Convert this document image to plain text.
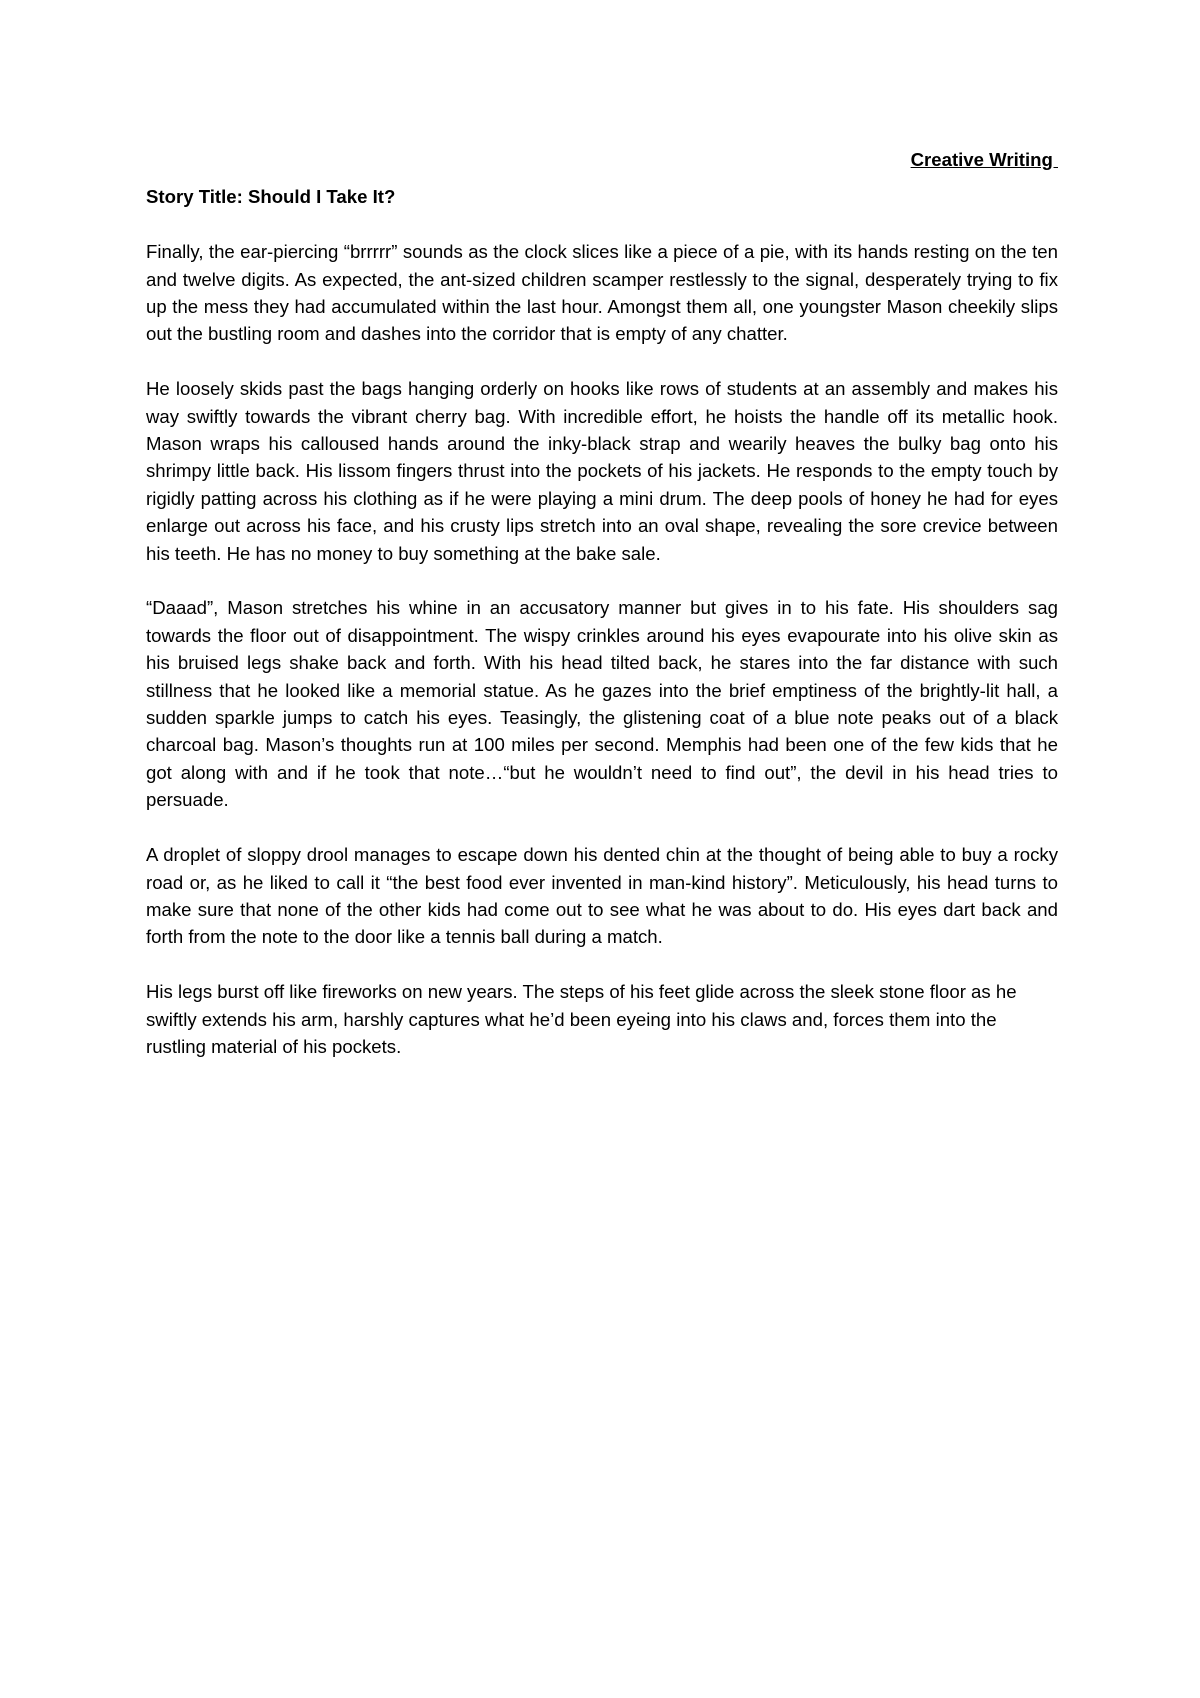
Creative Writing

Story Title: Should I Take It?

Finally, the ear-piercing “brrrrr” sounds as the clock slices like a piece of a pie, with its hands resting on the ten and twelve digits. As expected, the ant-sized children scamper restlessly to the signal, desperately trying to fix up the mess they had accumulated within the last hour. Amongst them all, one youngster Mason cheekily slips out the bustling room and dashes into the corridor that is empty of any chatter.

He loosely skids past the bags hanging orderly on hooks like rows of students at an assembly and makes his way swiftly towards the vibrant cherry bag. With incredible effort, he hoists the handle off its metallic hook. Mason wraps his calloused hands around the inky-black strap and wearily heaves the bulky bag onto his shrimpy little back. His lissom fingers thrust into the pockets of his jackets. He responds to the empty touch by rigidly patting across his clothing as if he were playing a mini drum. The deep pools of honey he had for eyes enlarge out across his face, and his crusty lips stretch into an oval shape, revealing the sore crevice between his teeth. He has no money to buy something at the bake sale.

“Daaad”, Mason stretches his whine in an accusatory manner but gives in to his fate. His shoulders sag towards the floor out of disappointment. The wispy crinkles around his eyes evapourate into his olive skin as his bruised legs shake back and forth. With his head tilted back, he stares into the far distance with such stillness that he looked like a memorial statue. As he gazes into the brief emptiness of the brightly-lit hall, a sudden sparkle jumps to catch his eyes. Teasingly, the glistening coat of a blue note peaks out of a black charcoal bag. Mason’s thoughts run at 100 miles per second. Memphis had been one of the few kids that he got along with and if he took that note…“but he wouldn’t need to find out”, the devil in his head tries to persuade.

A droplet of sloppy drool manages to escape down his dented chin at the thought of being able to buy a rocky road or, as he liked to call it “the best food ever invented in man-kind history”. Meticulously, his head turns to make sure that none of the other kids had come out to see what he was about to do. His eyes dart back and forth from the note to the door like a tennis ball during a match.

His legs burst off like fireworks on new years. The steps of his feet glide across the sleek stone floor as he swiftly extends his arm, harshly captures what he’d been eyeing into his claws and, forces them into the rustling material of his pockets.
